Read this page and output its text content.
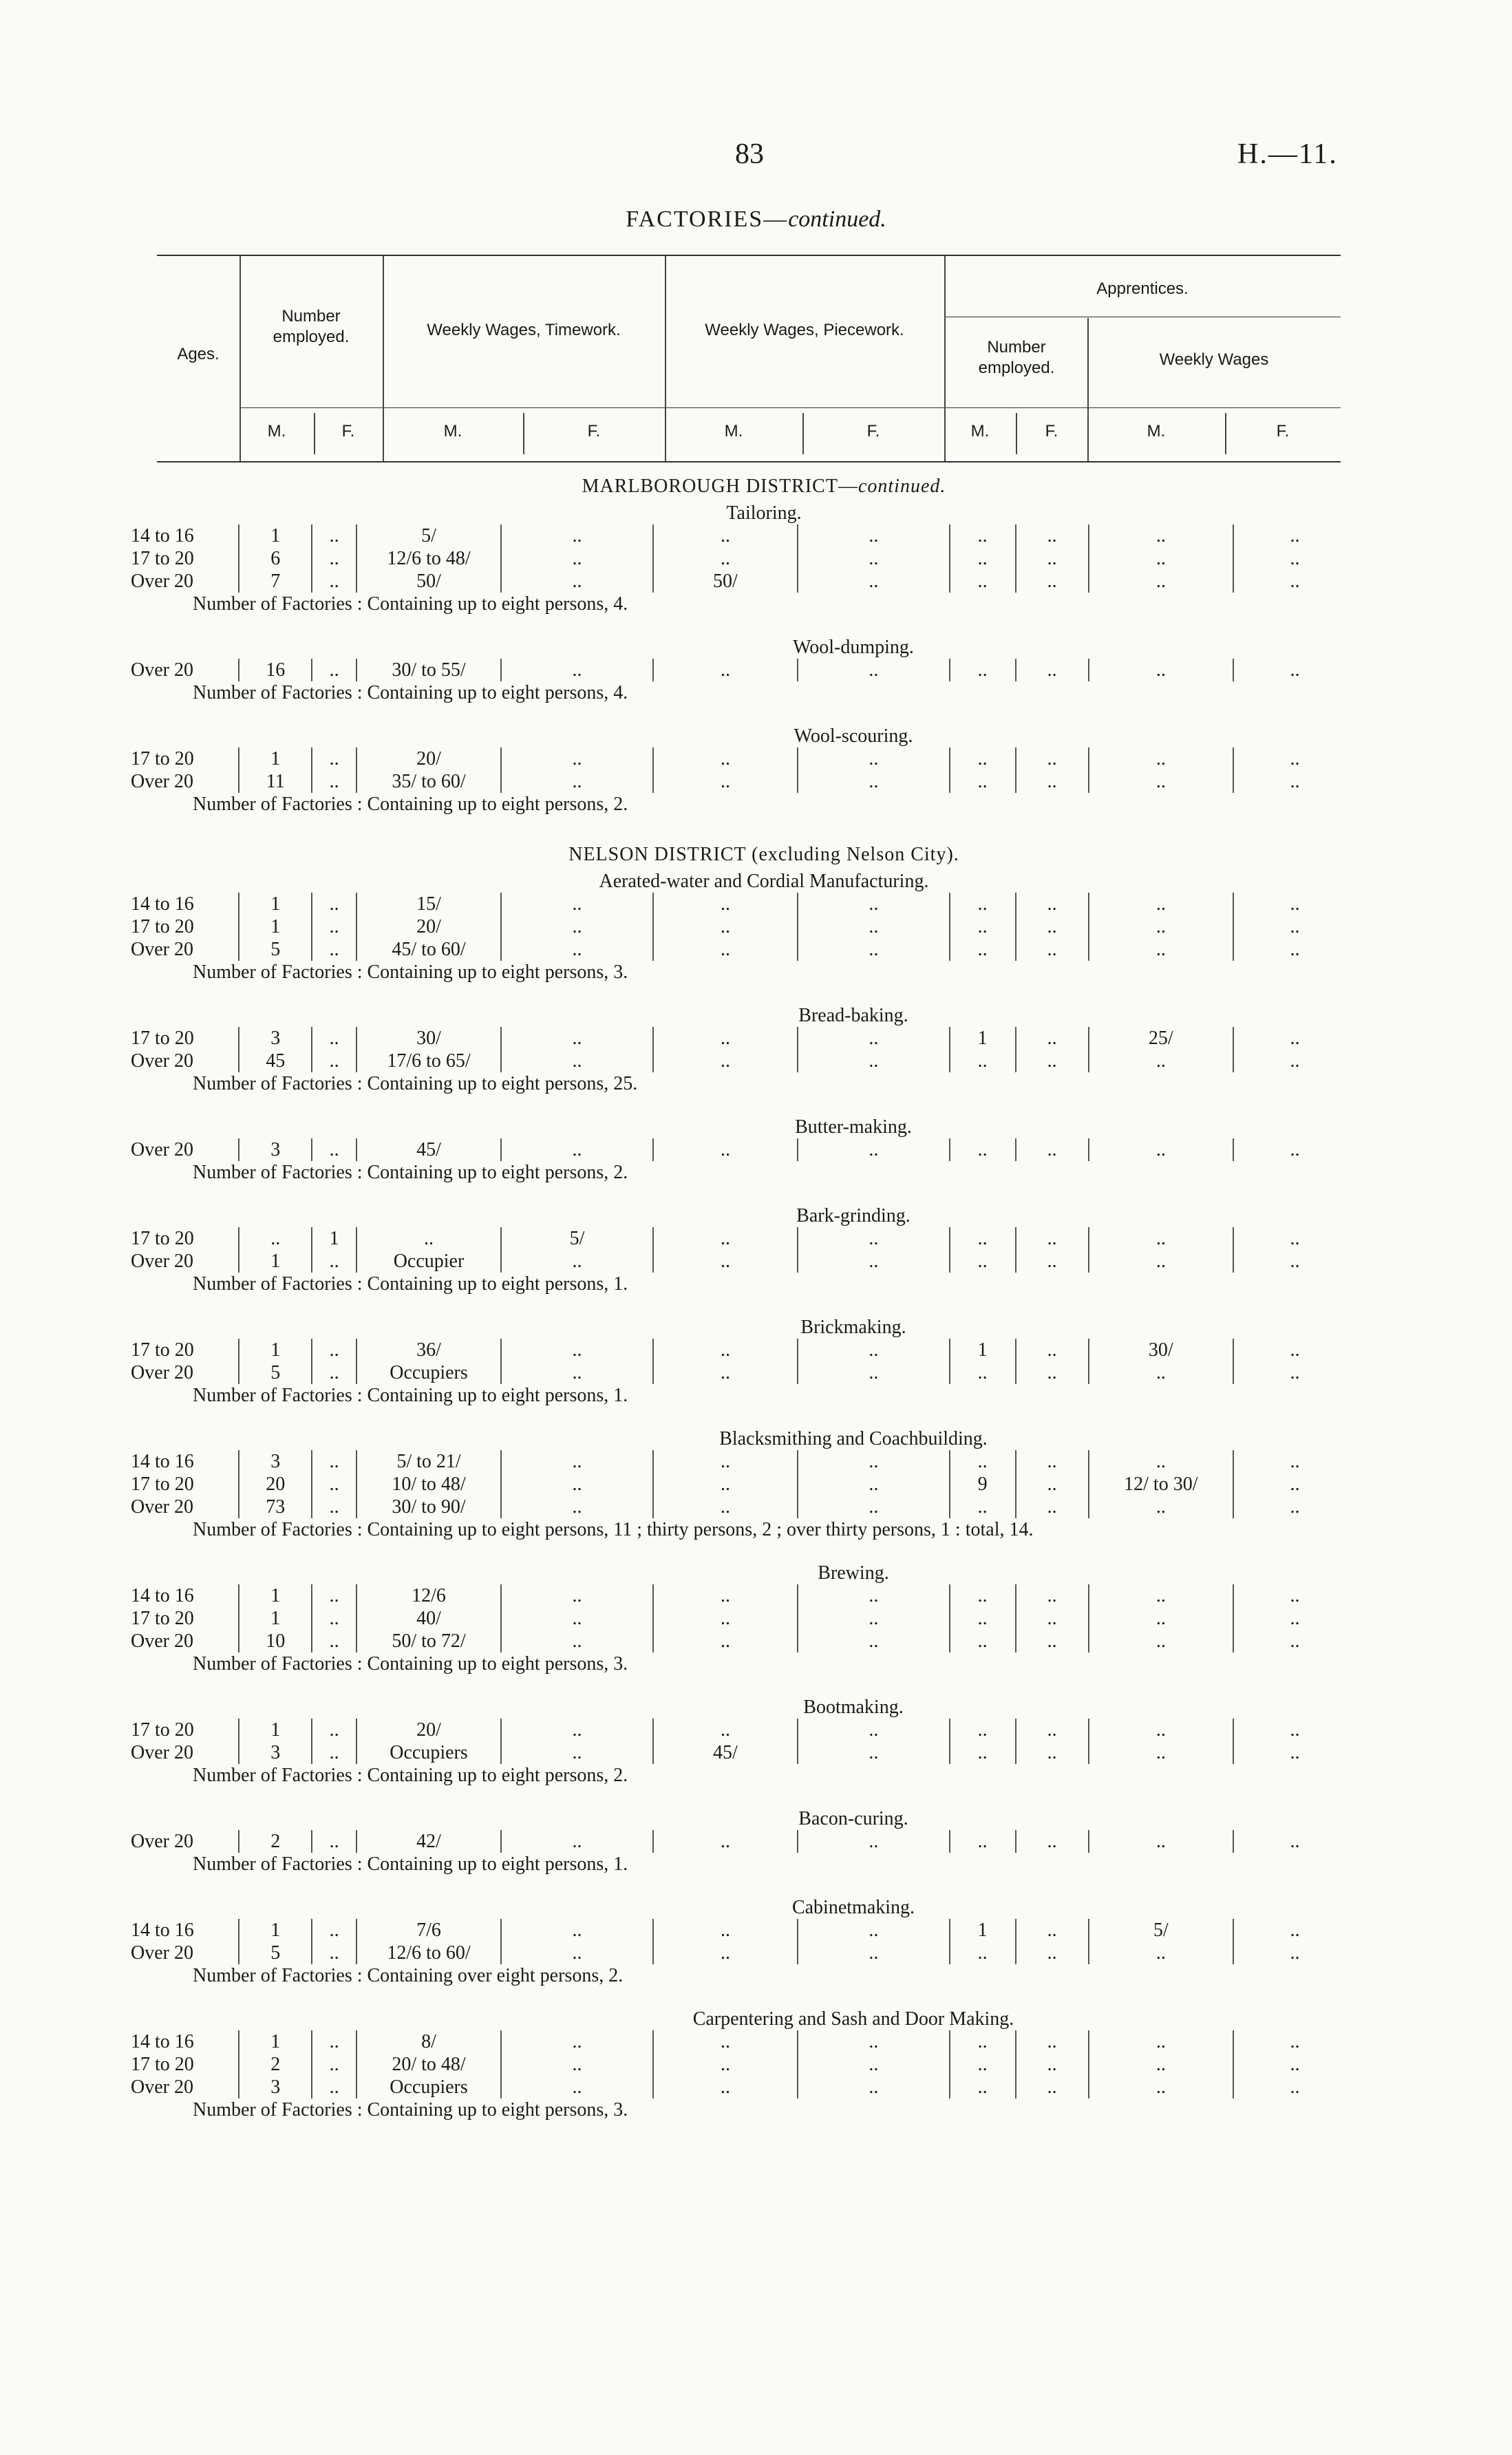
83	H.—11.
FACTORIES—continued.
Ages.
Number employed.	Weekly Wages, Timework.	Weekly Wages, Piecework.
Apprentices.
Number employed.	Weekly Wages
M.	F.	M.	F.	M.	F.	M.	F.	M.	F.
MARLBOROUGH DISTRICT—continued.
Tailoring.
14 to 16	1	..	5/	..	..	..	..	..	..	..
17 to 20	6	..	12/6 to 48/	..	..	..	..	..	..	..
Over 20	7	..	50/	..	50/	..	..	..	..	..
Number of Factories : Containing up to eight persons, 4.
Wool-dumping.
Over 20	16	..	30/ to 55/	..	..	..	..	..	..	..
Number of Factories : Containing up to eight persons, 4.
Wool-scouring.
17 to 20	1	..	20/	..	..	..	..	..	..	..
Over 20	11	..	35/ to 60/	..	..	..	..	..	..	..
Number of Factories : Containing up to eight persons, 2.
NELSON DISTRICT (excluding Nelson City).
Aerated-water and Cordial Manufacturing.
14 to 16	1	..	15/	..	..	..	..	..	..	..
17 to 20	1	..	20/	..	..	..	..	..	..	..
Over 20	5	..	45/ to 60/	..	..	..	..	..	..	..
Number of Factories : Containing up to eight persons, 3.
Bread-baking.
17 to 20	3	..	30/	..	..	..	1	..	25/	..
Over 20	45	..	17/6 to 65/	..	..	..	..	..	..	..
Number of Factories : Containing up to eight persons, 25.
Butter-making.
Over 20	3	..	45/	..	..	..	..	..	..	..
Number of Factories : Containing up to eight persons, 2.
Bark-grinding.
17 to 20	..	1	..	5/	..	..	..	..	..	..
Over 20	1	..	Occupier	..	..	..	..	..	..	..
Number of Factories : Containing up to eight persons, 1.
Brickmaking.
17 to 20	1	..	36/	..	..	..	1	..	30/	..
Over 20	5	..	Occupiers	..	..	..	..	..	..	..
Number of Factories : Containing up to eight persons, 1.
Blacksmithing and Coachbuilding.
14 to 16	3	..	5/ to 21/	..	..	..	..	..	..	..
17 to 20	20	..	10/ to 48/	..	..	..	9	..	12/ to 30/	..
Over 20	73	..	30/ to 90/	..	..	..	..	..	..	..
Number of Factories : Containing up to eight persons, 11 ; thirty persons, 2 ; over thirty persons, 1 : total, 14.
Brewing.
14 to 16	1	..	12/6	..	..	..	..	..	..	..
17 to 20	1	..	40/	..	..	..	..	..	..	..
Over 20	10	..	50/ to 72/	..	..	..	..	..	..	..
Number of Factories : Containing up to eight persons, 3.
Bootmaking.
17 to 20	1	..	20/	..	..	..	..	..	..	..
Over 20	3	..	Occupiers	..	45/	..	..	..	..	..
Number of Factories : Containing up to eight persons, 2.
Bacon-curing.
Over 20	2	..	42/	..	..	..	..	..	..	..
Number of Factories : Containing up to eight persons, 1.
Cabinetmaking.
14 to 16	1	..	7/6	..	..	..	1	..	5/	..
Over 20	5	..	12/6 to 60/	..	..	..	..	..	..	..
Number of Factories : Containing over eight persons, 2.
Carpentering and Sash and Door Making.
14 to 16	1	..	8/	..	..	..	..	..	..	..
17 to 20	2	..	20/ to 48/	..	..	..	..	..	..	..
Over 20	3	..	Occupiers	..	..	..	..	..	..	..
Number of Factories : Containing up to eight persons, 3.
